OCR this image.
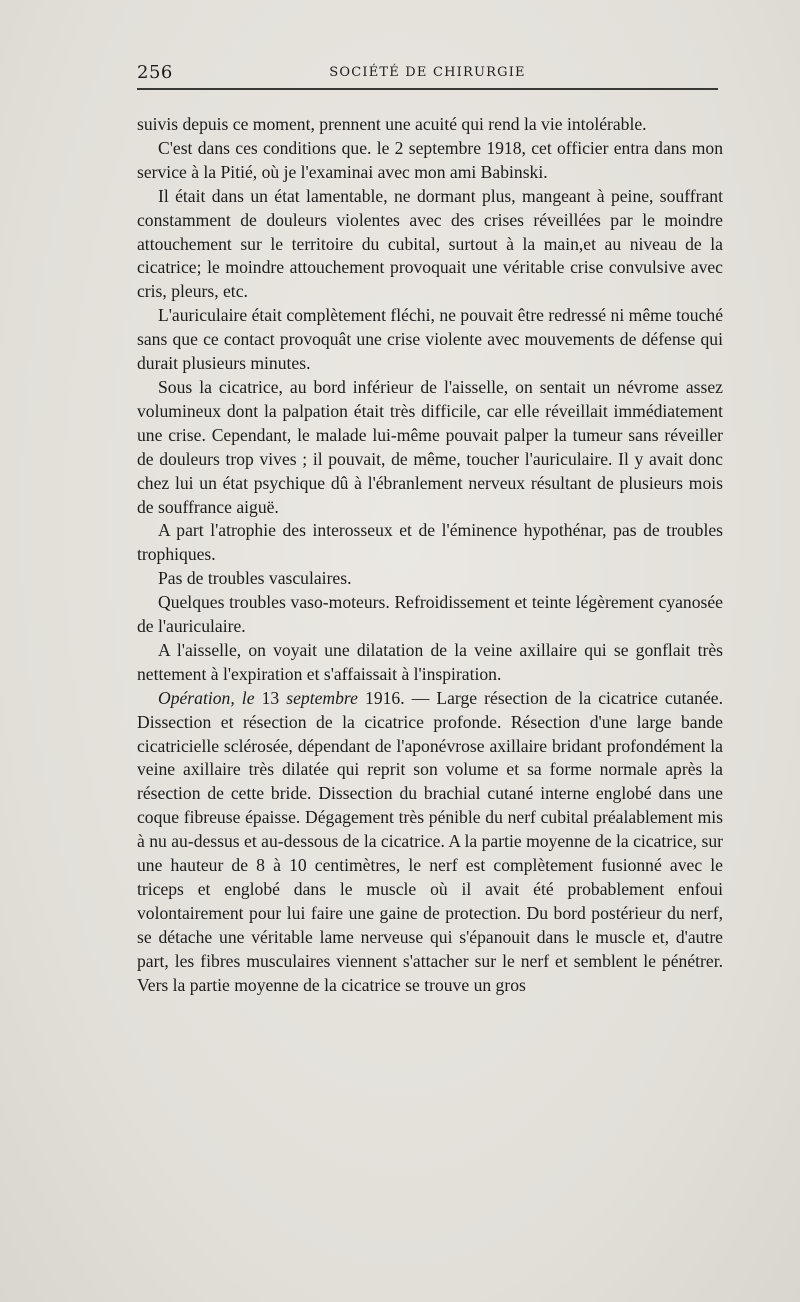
256	SOCIÉTÉ DE CHIRURGIE

suivis depuis ce moment, prennent une acuité qui rend la vie intolérable.

C'est dans ces conditions que. le 2 septembre 1918, cet officier entra dans mon service à la Pitié, où je l'examinai avec mon ami Babinski.

Il était dans un état lamentable, ne dormant plus, mangeant à peine, souffrant constamment de douleurs violentes avec des crises réveillées par le moindre attouchement sur le territoire du cubital, surtout à la main,et au niveau de la cicatrice; le moindre attouchement provoquait une véritable crise convulsive avec cris, pleurs, etc.

L'auriculaire était complètement fléchi, ne pouvait être redressé ni même touché sans que ce contact provoquât une crise violente avec mouvements de défense qui durait plusieurs minutes.

Sous la cicatrice, au bord inférieur de l'aisselle, on sentait un névrome assez volumineux dont la palpation était très difficile, car elle réveillait immédiatement une crise. Cependant, le malade lui-même pouvait palper la tumeur sans réveiller de douleurs trop vives ; il pouvait, de même, toucher l'auriculaire. Il y avait donc chez lui un état psychique dû à l'ébranlement nerveux résultant de plusieurs mois de souffrance aiguë.

A part l'atrophie des interosseux et de l'éminence hypothénar, pas de troubles trophiques.

Pas de troubles vasculaires.

Quelques troubles vaso-moteurs. Refroidissement et teinte légèrement cyanosée de l'auriculaire.

A l'aisselle, on voyait une dilatation de la veine axillaire qui se gonflait très nettement à l'expiration et s'affaissait à l'inspiration.

Opération, le 13 septembre 1916. — Large résection de la cicatrice cutanée. Dissection et résection de la cicatrice profonde. Résection d'une large bande cicatricielle sclérosée, dépendant de l'aponévrose axillaire bridant profondément la veine axillaire très dilatée qui reprit son volume et sa forme normale après la résection de cette bride. Dissection du brachial cutané interne englobé dans une coque fibreuse épaisse. Dégagement très pénible du nerf cubital préalablement mis à nu au-dessus et au-dessous de la cicatrice. A la partie moyenne de la cicatrice, sur une hauteur de 8 à 10 centimètres, le nerf est complètement fusionné avec le triceps et englobé dans le muscle où il avait été probablement enfoui volontairement pour lui faire une gaine de protection. Du bord postérieur du nerf, se détache une véritable lame nerveuse qui s'épanouit dans le muscle et, d'autre part, les fibres musculaires viennent s'attacher sur le nerf et semblent le pénétrer. Vers la partie moyenne de la cicatrice se trouve un gros
